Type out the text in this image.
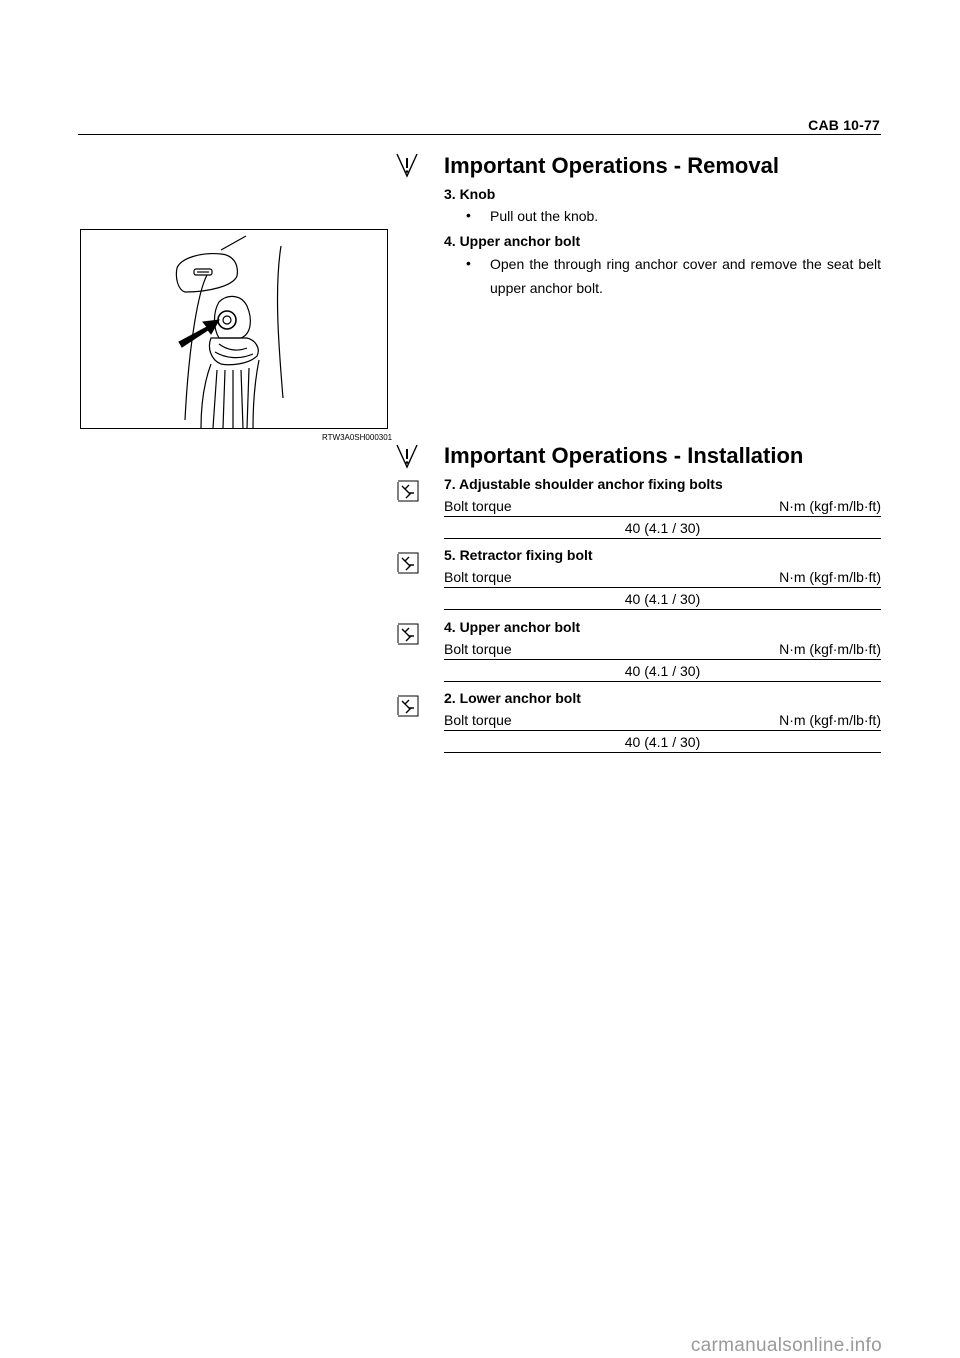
CAB 10-77
RTW3A0SH000301
Important Operations - Removal
3. Knob
• Pull out the knob.
4. Upper anchor bolt
• Open the through ring anchor cover and remove the seat belt upper anchor bolt.
Important Operations - Installation
7. Adjustable shoulder anchor fixing bolts
Bolt torque	N·m (kgf·m/lb·ft)
40 (4.1 / 30)
5. Retractor fixing bolt
Bolt torque	N·m (kgf·m/lb·ft)
40 (4.1 / 30)
4. Upper anchor bolt
Bolt torque	N·m (kgf·m/lb·ft)
40 (4.1 / 30)
2. Lower anchor bolt
Bolt torque	N·m (kgf·m/lb·ft)
40 (4.1 / 30)
carmanualsonline.info
